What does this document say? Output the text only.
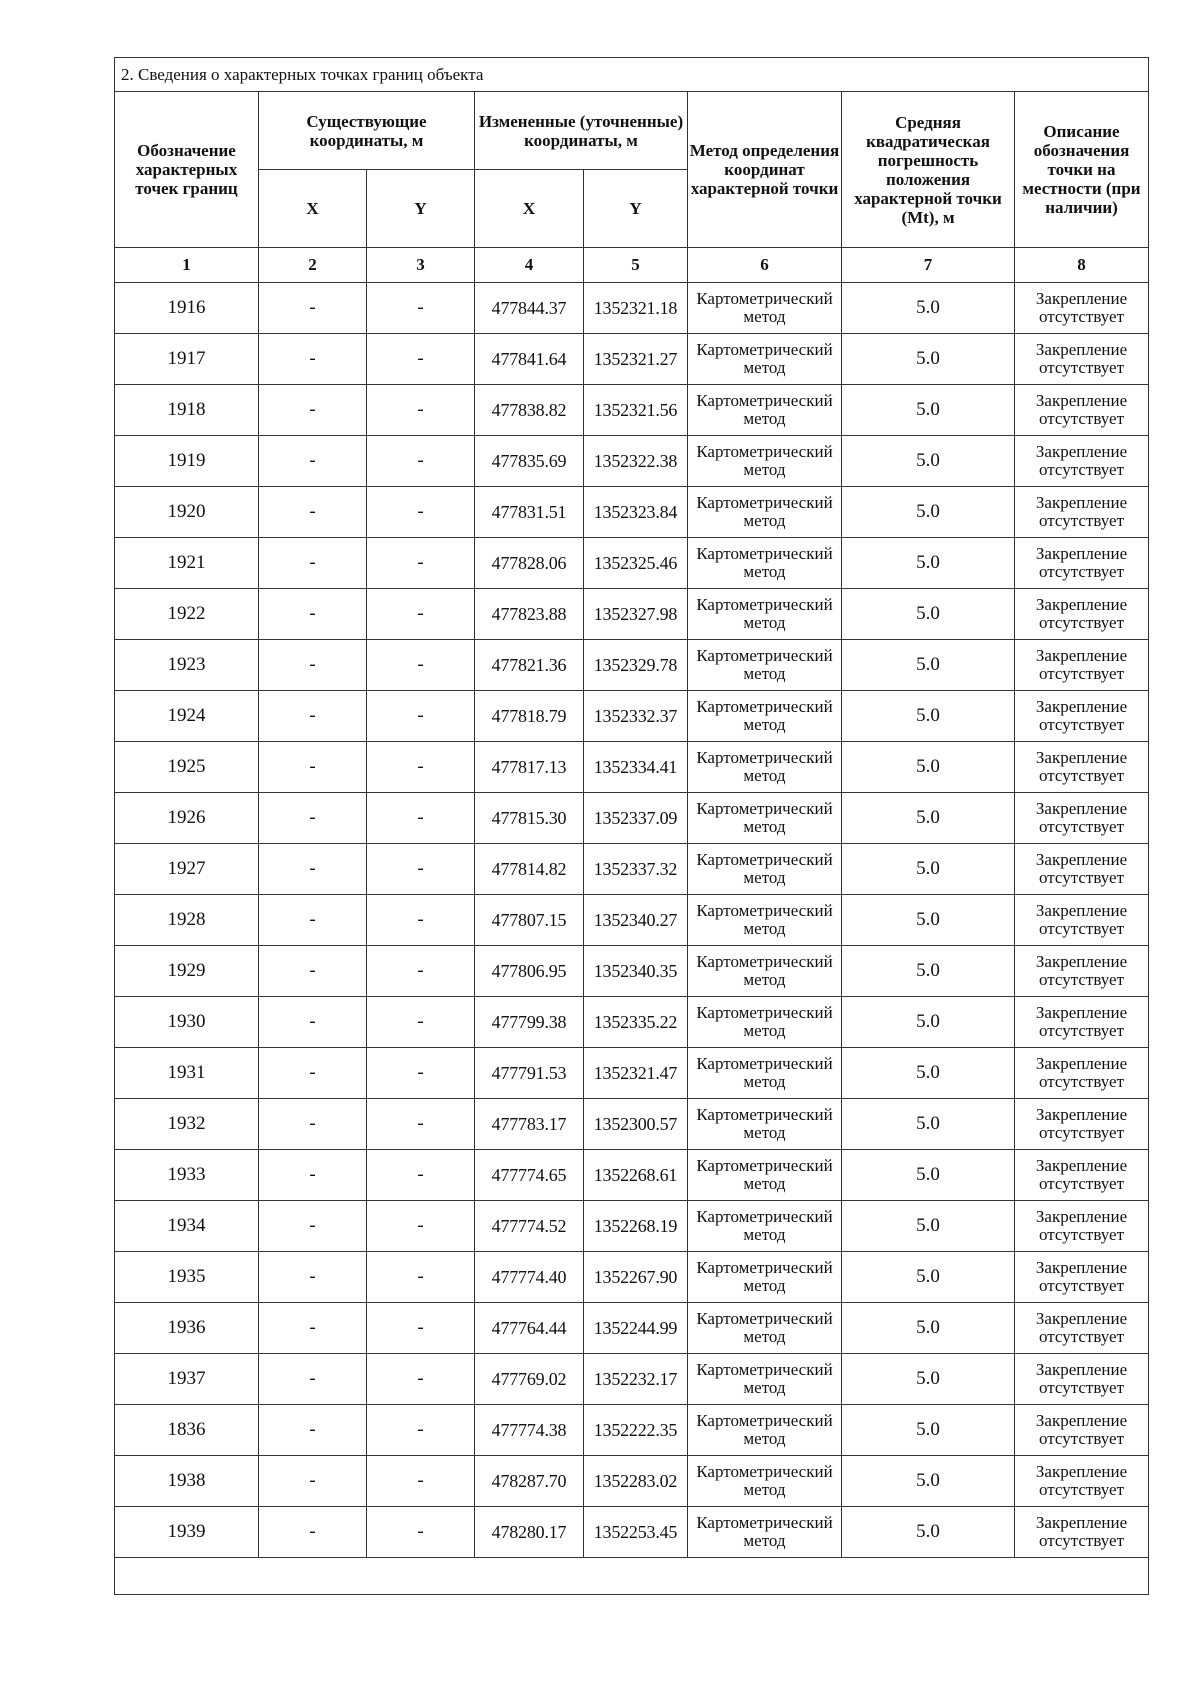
2. Сведения о характерных точках границ объекта							
Обозначение характерных точек границ	Существующие координаты, м		Измененные (уточненные) координаты, м		Метод определения координат характерной точки	Средняя квадратическая погрешность положения характерной точки (Mt), м	Описание обозначения точки на местности (при наличии)
	X	Y	X	Y			
1	2	3	4	5	6	7	8
1916	-	-	477844.37	1352321.18	Картометрический метод	5.0	Закрепление отсутствует
1917	-	-	477841.64	1352321.27	Картометрический метод	5.0	Закрепление отсутствует
1918	-	-	477838.82	1352321.56	Картометрический метод	5.0	Закрепление отсутствует
1919	-	-	477835.69	1352322.38	Картометрический метод	5.0	Закрепление отсутствует
1920	-	-	477831.51	1352323.84	Картометрический метод	5.0	Закрепление отсутствует
1921	-	-	477828.06	1352325.46	Картометрический метод	5.0	Закрепление отсутствует
1922	-	-	477823.88	1352327.98	Картометрический метод	5.0	Закрепление отсутствует
1923	-	-	477821.36	1352329.78	Картометрический метод	5.0	Закрепление отсутствует
1924	-	-	477818.79	1352332.37	Картометрический метод	5.0	Закрепление отсутствует
1925	-	-	477817.13	1352334.41	Картометрический метод	5.0	Закрепление отсутствует
1926	-	-	477815.30	1352337.09	Картометрический метод	5.0	Закрепление отсутствует
1927	-	-	477814.82	1352337.32	Картометрический метод	5.0	Закрепление отсутствует
1928	-	-	477807.15	1352340.27	Картометрический метод	5.0	Закрепление отсутствует
1929	-	-	477806.95	1352340.35	Картометрический метод	5.0	Закрепление отсутствует
1930	-	-	477799.38	1352335.22	Картометрический метод	5.0	Закрепление отсутствует
1931	-	-	477791.53	1352321.47	Картометрический метод	5.0	Закрепление отсутствует
1932	-	-	477783.17	1352300.57	Картометрический метод	5.0	Закрепление отсутствует
1933	-	-	477774.65	1352268.61	Картометрический метод	5.0	Закрепление отсутствует
1934	-	-	477774.52	1352268.19	Картометрический метод	5.0	Закрепление отсутствует
1935	-	-	477774.40	1352267.90	Картометрический метод	5.0	Закрепление отсутствует
1936	-	-	477764.44	1352244.99	Картометрический метод	5.0	Закрепление отсутствует
1937	-	-	477769.02	1352232.17	Картометрический метод	5.0	Закрепление отсутствует
1836	-	-	477774.38	1352222.35	Картометрический метод	5.0	Закрепление отсутствует
1938	-	-	478287.70	1352283.02	Картометрический метод	5.0	Закрепление отсутствует
1939	-	-	478280.17	1352253.45	Картометрический метод	5.0	Закрепление отсутствует
